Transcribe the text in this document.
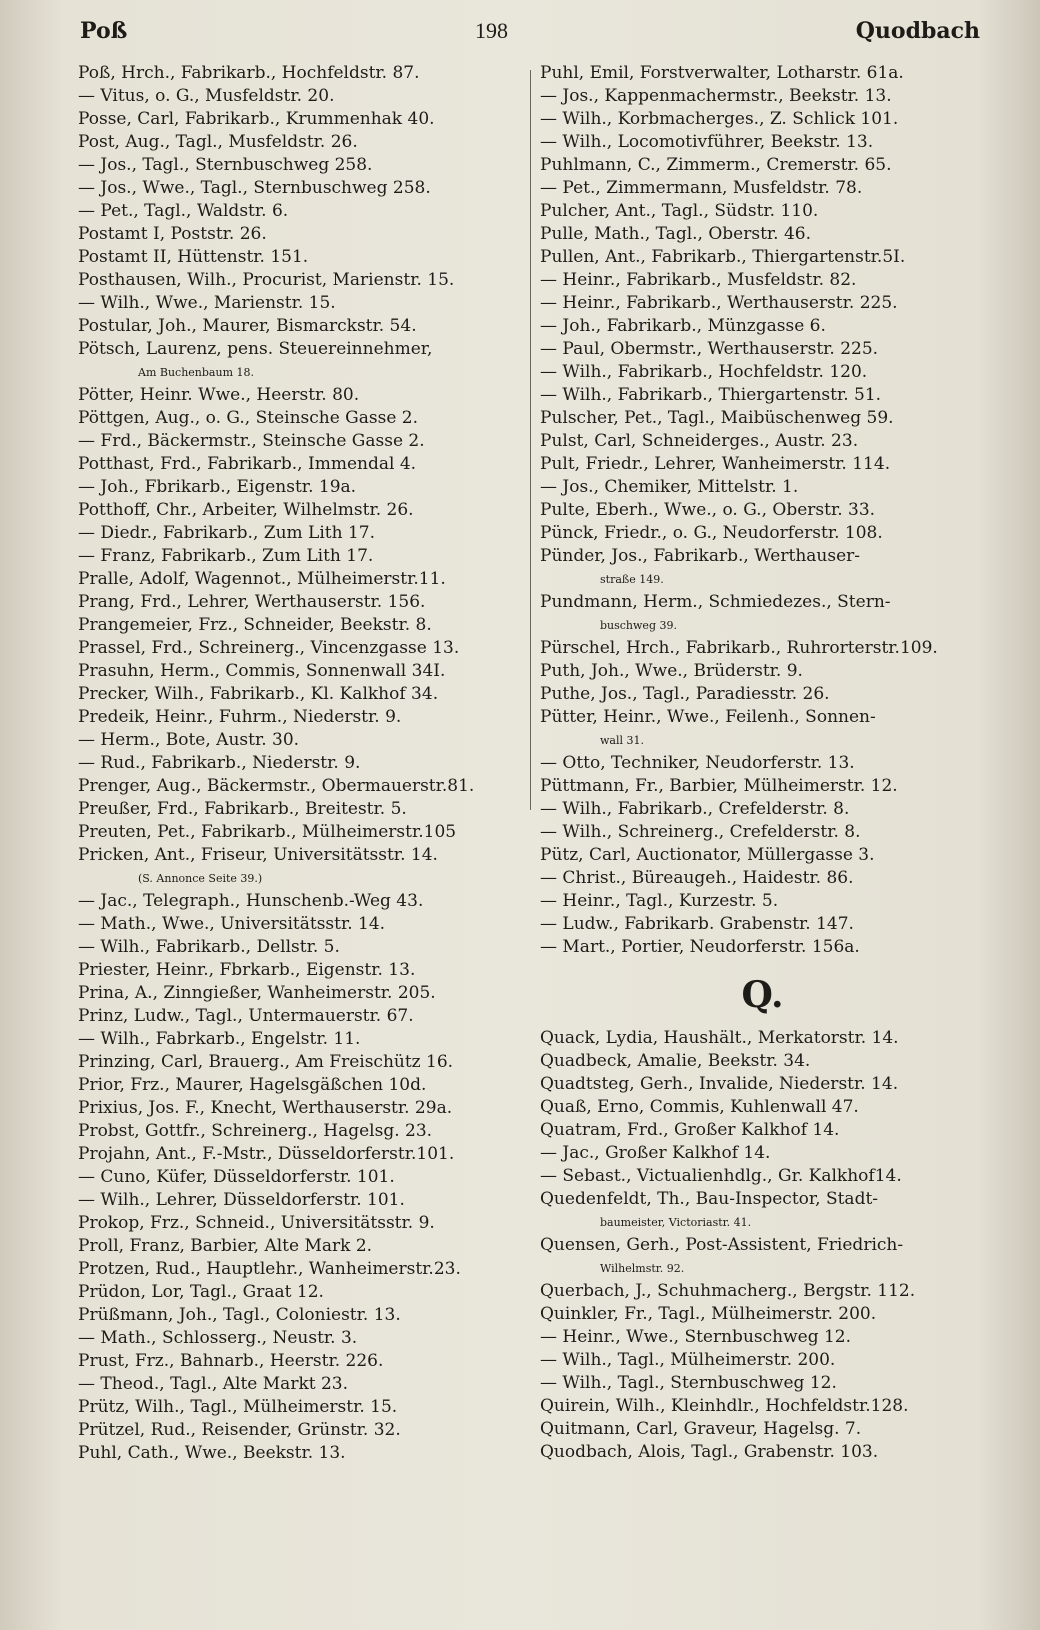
Poß	198	Quodbach
Poß, Hrch., Fabrikarb., Hochfeldstr. 87.
— Vitus, o. G., Musfeldstr. 20.
Posse, Carl, Fabrikarb., Krummenhak 40.
Post, Aug., Tagl., Musfeldstr. 26.
— Jos., Tagl., Sternbuschweg 258.
— Jos., Wwe., Tagl., Sternbuschweg 258.
— Pet., Tagl., Waldstr. 6.
Postamt I, Poststr. 26.
Postamt II, Hüttenstr. 151.
Posthausen, Wilh., Procurist, Marienstr. 15.
— Wilh., Wwe., Marienstr. 15.
Postular, Joh., Maurer, Bismarckstr. 54.
Pötsch, Laurenz, pens. Steuereinnehmer,
Am Buchenbaum 18.
Pötter, Heinr. Wwe., Heerstr. 80.
Pöttgen, Aug., o. G., Steinsche Gasse 2.
— Frd., Bäckermstr., Steinsche Gasse 2.
Potthast, Frd., Fabrikarb., Immendal 4.
— Joh., Fbrikarb., Eigenstr. 19a.
Potthoff, Chr., Arbeiter, Wilhelmstr. 26.
— Diedr., Fabrikarb., Zum Lith 17.
— Franz, Fabrikarb., Zum Lith 17.
Pralle, Adolf, Wagennot., Mülheimerstr.11.
Prang, Frd., Lehrer, Werthauserstr. 156.
Prangemeier, Frz., Schneider, Beekstr. 8.
Prassel, Frd., Schreinerg., Vincenzgasse 13.
Prasuhn, Herm., Commis, Sonnenwall 34I.
Precker, Wilh., Fabrikarb., Kl. Kalkhof 34.
Predeik, Heinr., Fuhrm., Niederstr. 9.
— Herm., Bote, Austr. 30.
— Rud., Fabrikarb., Niederstr. 9.
Prenger, Aug., Bäckermstr., Obermauerstr.81.
Preußer, Frd., Fabrikarb., Breitestr. 5.
Preuten, Pet., Fabrikarb., Mülheimerstr.105
Pricken, Ant., Friseur, Universitätsstr. 14.
(S. Annonce Seite 39.)
— Jac., Telegraph., Hunschenb.-Weg 43.
— Math., Wwe., Universitätsstr. 14.
— Wilh., Fabrikarb., Dellstr. 5.
Priester, Heinr., Fbrkarb., Eigenstr. 13.
Prina, A., Zinngießer, Wanheimerstr. 205.
Prinz, Ludw., Tagl., Untermauerstr. 67.
— Wilh., Fabrkarb., Engelstr. 11.
Prinzing, Carl, Brauerg., Am Freischütz 16.
Prior, Frz., Maurer, Hagelsgäßchen 10d.
Prixius, Jos. F., Knecht, Werthauserstr. 29a.
Probst, Gottfr., Schreinerg., Hagelsg. 23.
Projahn, Ant., F.-Mstr., Düsseldorferstr.101.
— Cuno, Küfer, Düsseldorferstr. 101.
— Wilh., Lehrer, Düsseldorferstr. 101.
Prokop, Frz., Schneid., Universitätsstr. 9.
Proll, Franz, Barbier, Alte Mark 2.
Protzen, Rud., Hauptlehr., Wanheimerstr.23.
Prüdon, Lor, Tagl., Graat 12.
Prüßmann, Joh., Tagl., Coloniestr. 13.
— Math., Schlosserg., Neustr. 3.
Prust, Frz., Bahnarb., Heerstr. 226.
— Theod., Tagl., Alte Markt 23.
Prütz, Wilh., Tagl., Mülheimerstr. 15.
Prützel, Rud., Reisender, Grünstr. 32.
Puhl, Cath., Wwe., Beekstr. 13.
Puhl, Emil, Forstverwalter, Lotharstr. 61a.
— Jos., Kappenmachermstr., Beekstr. 13.
— Wilh., Korbmacherges., Z. Schlick 101.
— Wilh., Locomotivführer, Beekstr. 13.
Puhlmann, C., Zimmerm., Cremerstr. 65.
— Pet., Zimmermann, Musfeldstr. 78.
Pulcher, Ant., Tagl., Südstr. 110.
Pulle, Math., Tagl., Oberstr. 46.
Pullen, Ant., Fabrikarb., Thiergartenstr.5I.
— Heinr., Fabrikarb., Musfeldstr. 82.
— Heinr., Fabrikarb., Werthauserstr. 225.
— Joh., Fabrikarb., Münzgasse 6.
— Paul, Obermstr., Werthauserstr. 225.
— Wilh., Fabrikarb., Hochfeldstr. 120.
— Wilh., Fabrikarb., Thiergartenstr. 51.
Pulscher, Pet., Tagl., Maibüschenweg 59.
Pulst, Carl, Schneiderges., Austr. 23.
Pult, Friedr., Lehrer, Wanheimerstr. 114.
— Jos., Chemiker, Mittelstr. 1.
Pulte, Eberh., Wwe., o. G., Oberstr. 33.
Pünck, Friedr., o. G., Neudorferstr. 108.
Pünder, Jos., Fabrikarb., Werthauser-
straße 149.
Pundmann, Herm., Schmiedezes., Stern-
buschweg 39.
Pürschel, Hrch., Fabrikarb., Ruhrorterstr.109.
Puth, Joh., Wwe., Brüderstr. 9.
Puthe, Jos., Tagl., Paradiesstr. 26.
Pütter, Heinr., Wwe., Feilenh., Sonnen-
wall 31.
— Otto, Techniker, Neudorferstr. 13.
Püttmann, Fr., Barbier, Mülheimerstr. 12.
— Wilh., Fabrikarb., Crefelderstr. 8.
— Wilh., Schreinerg., Crefelderstr. 8.
Pütz, Carl, Auctionator, Müllergasse 3.
— Christ., Büreaugeh., Haidestr. 86.
— Heinr., Tagl., Kurzestr. 5.
— Ludw., Fabrikarb. Grabenstr. 147.
— Mart., Portier, Neudorferstr. 156a.
Q.
Quack, Lydia, Haushält., Merkatorstr. 14.
Quadbeck, Amalie, Beekstr. 34.
Quadtsteg, Gerh., Invalide, Niederstr. 14.
Quaß, Erno, Commis, Kuhlenwall 47.
Quatram, Frd., Großer Kalkhof 14.
— Jac., Großer Kalkhof 14.
— Sebast., Victualienhdlg., Gr. Kalkhof14.
Quedenfeldt, Th., Bau-Inspector, Stadt-
baumeister, Victoriastr. 41.
Quensen, Gerh., Post-Assistent, Friedrich-
Wilhelmstr. 92.
Querbach, J., Schuhmacherg., Bergstr. 112.
Quinkler, Fr., Tagl., Mülheimerstr. 200.
— Heinr., Wwe., Sternbuschweg 12.
— Wilh., Tagl., Mülheimerstr. 200.
— Wilh., Tagl., Sternbuschweg 12.
Quirein, Wilh., Kleinhdlr., Hochfeldstr.128.
Quitmann, Carl, Graveur, Hagelsg. 7.
Quodbach, Alois, Tagl., Grabenstr. 103.
